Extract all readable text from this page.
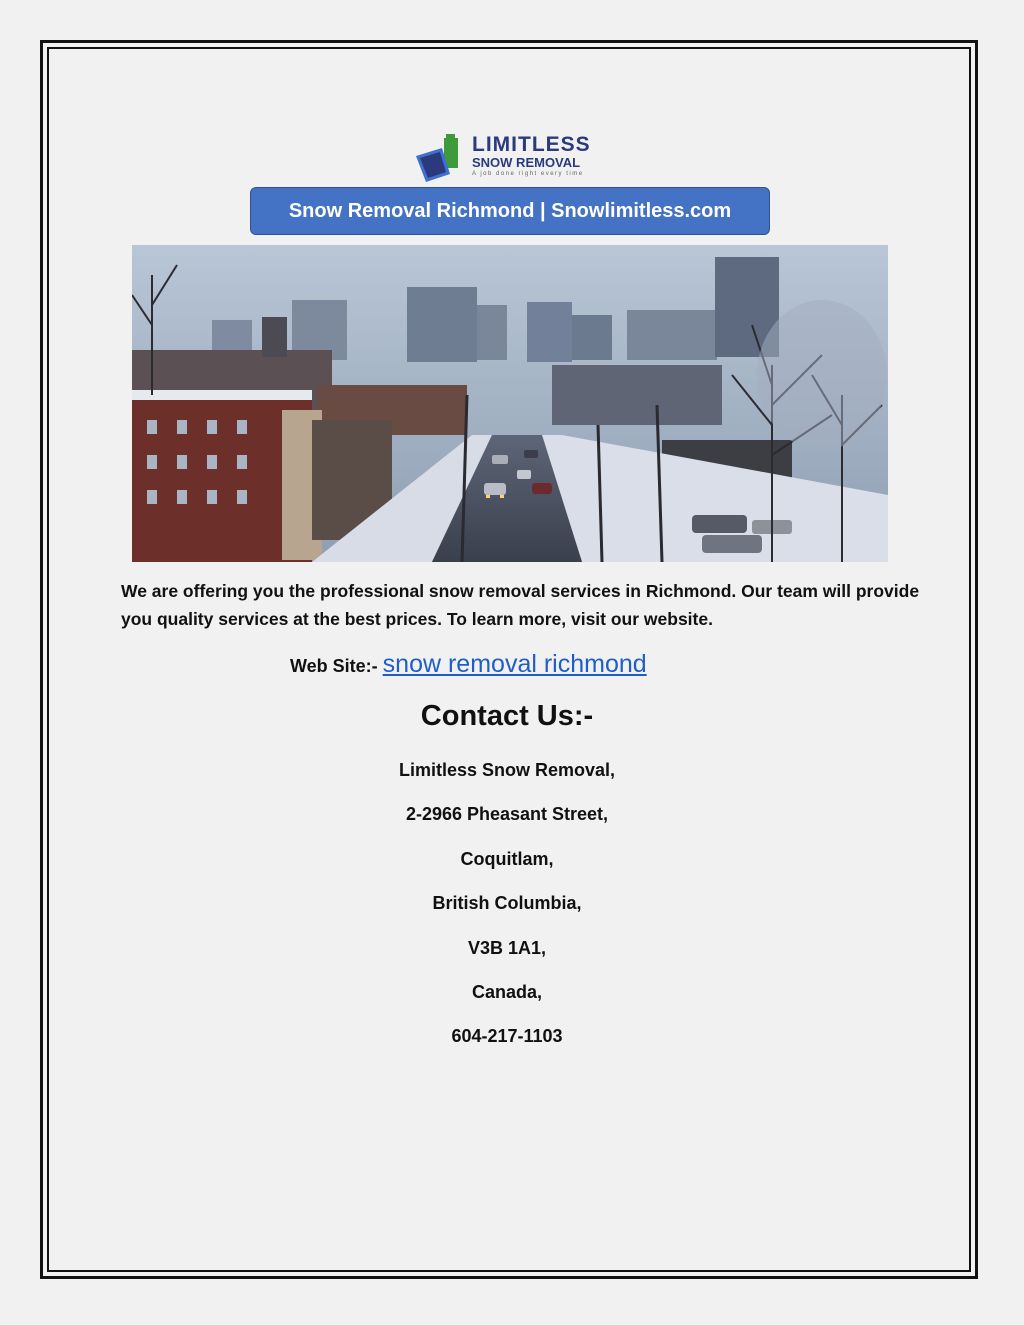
LIMITLESS
SNOW REMOVAL
A job done right every time
Snow Removal Richmond | Snowlimitless.com
We are offering you the professional snow removal services in Richmond. Our team will provide you quality services at the best prices. To learn more, visit our website.
Web Site:- snow removal richmond
Contact Us:-
Limitless Snow Removal,
2-2966 Pheasant Street,
Coquitlam,
British Columbia,
V3B 1A1,
Canada,
604-217-1103
